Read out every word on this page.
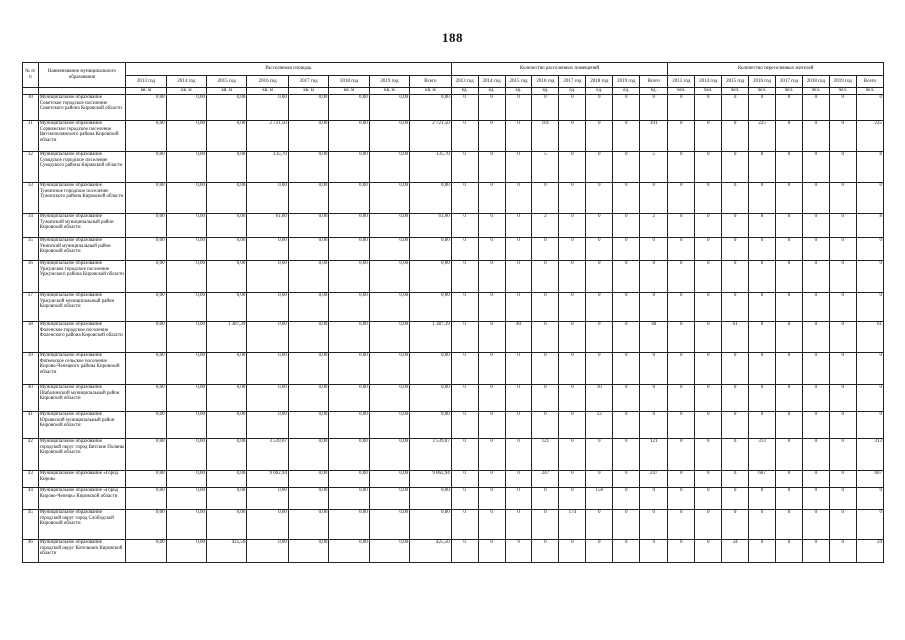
188
№ п/п	Наименование муниципального образования	Расселяемая площадь								Количество расселенных помещений								Количество переселенных жителей							
		2013 год	2014 год	2015 год	2016 год	2017 год	2018 год	2019 год	Всего	2013 год	2014 год	2015 год	2016 год	2017 год	2018 год	2019 год	Всего	2013 год	2014 год	2015 год	2016 год	2017 год	2018 год	2019 год	Всего
		кв. м	кв. м	кв. м	кв. м	кв. м	кв. м	кв. м	кв. м	ед.	ед.	ед.	ед.	ед.	ед.	ед.	ед.	чел.	чел.	чел.	чел.	чел.	чел.	чел.	чел.
30	Муниципальное образование Советское городское поселение Советского района Кировской области	0,00	0,00	0,00	0,00	0,00	0,00	0,00	0,00	0	0	0	0	0	0	0	0	0	0	0	0	0	0	0	0
31	Муниципальное образование Сорвижское городское поселение Вятскополянского района Кировской области	0,00	0,00	0,00	2 721,50	0,00	0,00	0,00	2 721,50	0	0	0	101	0	0	0	101	0	0	0	225	0	0	0	225
32	Муниципальное образование Суводское городское поселение Суводского района Кировской области	0,00	0,00	0,00	135,70	0,00	0,00	0,00	135,70	0	0	0	5	0	0	0	5	0	0	0	8	0	0	0	8
33	Муниципальное образование Тужинское городское поселение Тужинского района Кировской области	0,00	0,00	0,00	0,00	0,00	0,00	0,00	0,00	0	0	0	0	0	0	0	0	0	0	0	0	0	0	0	0
34	Муниципальное образование Тужинский муниципальный район Кировской области	0,00	0,00	0,00	61,00	0,00	0,00	0,00	61,00	0	0	0	2	0	0	0	2	0	0	0	8	0	0	0	8
35	Муниципальное образование Унинский муниципальный район Кировской области	0,00	0,00	0,00	0,00	0,00	0,00	0,00	0,00	0	0	0	0	0	0	0	0	0	0	0	0	0	0	0	0
36	Муниципальное образование Уржумское городское поселение Уржумского района Кировской области	0,00	0,00	0,00	0,00	0,00	0,00	0,00	0,00	0	0	0	0	0	0	0	0	0	0	0	0	0	0	0	0
37	Муниципальное образование Уржумский муниципальный район Кировской области	0,00	0,00	0,00	0,00	0,00	0,00	0,00	0,00	0	0	0	0	0	0	0	0	0	0	0	0	0	0	0	0
38	Муниципальное образование Фаленское городское поселение Фаленского района Кировской области	0,00	0,00	1 387,39	0,00	0,00	0,00	0,00	1 387,39	0	0	40	0	0	0	0	40	0	0	61	0	0	0	0	61
39	Муниципальное образование Фатеевское сельское поселение Кирово-Чепецкого района Кировской области	0,00	0,00	0,00	0,00	0,00	0,00	0,00	0,00	0	0	0	0	0	0	0	0	0	0	0	0	0	0	0	0
40	Муниципальное образование Шабалинский муниципальный район Кировской области	0,00	0,00	0,00	0,00	0,00	0,00	0,00	0,00	0	0	0	0	0	10	0	0	0	0	0	0	0	0	0	0
41	Муниципальное образование Юрьянский муниципальный район Кировской области	0,00	0,00	0,00	0,00	0,00	0,00	0,00	0,00	0	0	0	0	0	12	0	0	0	0	0	0	0	0	0	0
42	Муниципальное образование городской округ город Вятские Поляны Кировской области	0,00	0,00	0,00	3 539,07	0,00	0,00	0,00	3 539,07	0	0	0	121	0	0	0	121	0	0	0	313	0	0	0	313
43	Муниципальное образование «Город Киров»	0,00	0,00	0,00	9 062,94	0,00	0,00	0,00	9 062,94	0	0	0	247	0	0	0	247	0	0	0	667	0	0	0	667
44	Муниципальное образование «Город Кирово-Чепецк» Кировской области	0,00	0,00	0,00	0,00	0,00	0,00	0,00	0,00	0	0	0	0	0	158	0	0	0	0	0	0	0	0	0	0
45	Муниципальное образование городской округ город Слободской Кировской области	0,00	0,00	0,00	0,00	0,00	0,00	0,00	0,00	0	0	0	0	174	0	0	0	0	0	0	0	0	0	0	0
46	Муниципальное образование городской округ Котельнич Кировской области	0,00	0,00	425,50	0,00	0,00	0,00	0,00	425,50	0	0	9	0	0	0	0	9	0	0	24	0	0	0	0	24
